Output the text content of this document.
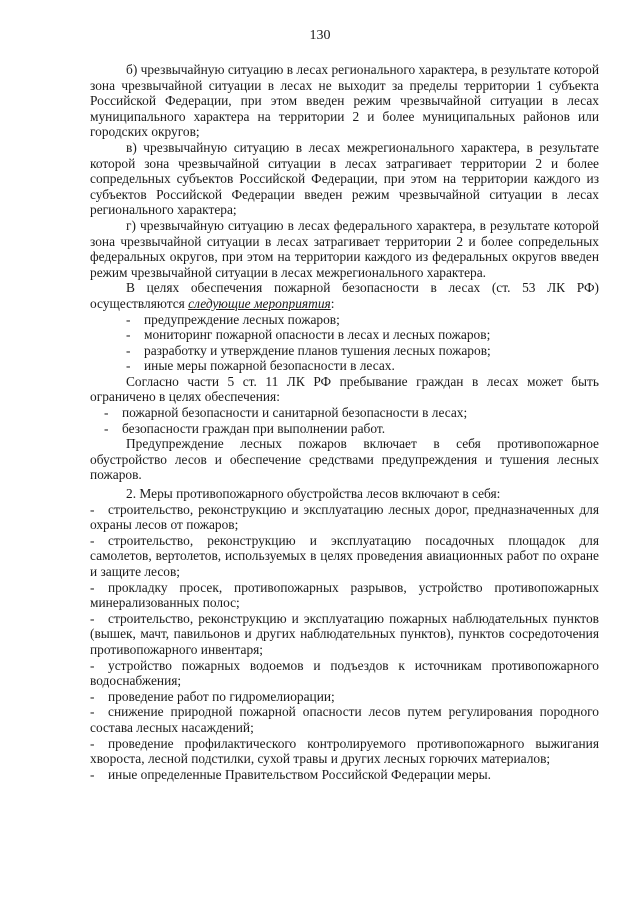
130

б) чрезвычайную ситуацию в лесах регионального характера, в результате которой зона чрезвычайной ситуации в лесах не выходит за пределы территории 1 субъекта Российской Федерации, при этом введен режим чрезвычайной ситуации в лесах муниципального характера на территории 2 и более муниципальных районов или городских округов;

в) чрезвычайную ситуацию в лесах межрегионального характера, в результате которой зона чрезвычайной ситуации в лесах затрагивает территории 2 и более сопредельных субъектов Российской Федерации, при этом на территории каждого из субъектов Российской Федерации введен режим чрезвычайной ситуации в лесах регионального характера;

г) чрезвычайную ситуацию в лесах федерального характера, в результате которой зона чрезвычайной ситуации в лесах затрагивает территории 2 и более сопредельных федеральных округов, при этом на территории каждого из федеральных округов введен режим чрезвычайной ситуации в лесах межрегионального характера.

В целях обеспечения пожарной безопасности в лесах (ст. 53 ЛК РФ) осуществляются следующие мероприятия:

- предупреждение лесных пожаров;

- мониторинг пожарной опасности в лесах и лесных пожаров;

- разработку и утверждение планов тушения лесных пожаров;

- иные меры пожарной безопасности в лесах.

Согласно части 5 ст. 11 ЛК РФ пребывание граждан в лесах может быть ограничено в целях обеспечения:

- пожарной безопасности и санитарной безопасности в лесах;

- безопасности граждан при выполнении работ.

Предупреждение лесных пожаров включает в себя противопожарное обустройство лесов и обеспечение средствами предупреждения и тушения лесных пожаров.

2. Меры противопожарного обустройства лесов включают в себя:

- строительство, реконструкцию и эксплуатацию лесных дорог, предназначенных для охраны лесов от пожаров;

- строительство, реконструкцию и эксплуатацию посадочных площадок для самолетов, вертолетов, используемых в целях проведения авиационных работ по охране и защите лесов;

- прокладку просек, противопожарных разрывов, устройство противопожарных минерализованных полос;

- строительство, реконструкцию и эксплуатацию пожарных наблюдательных пунктов (вышек, мачт, павильонов и других наблюдательных пунктов), пунктов сосредоточения противопожарного инвентаря;

- устройство пожарных водоемов и подъездов к источникам противопожарного водоснабжения;

- проведение работ по гидромелиорации;

- снижение природной пожарной опасности лесов путем регулирования породного состава лесных насаждений;

- проведение профилактического контролируемого противопожарного выжигания хвороста, лесной подстилки, сухой травы и других лесных горючих материалов;

- иные определенные Правительством Российской Федерации меры.
